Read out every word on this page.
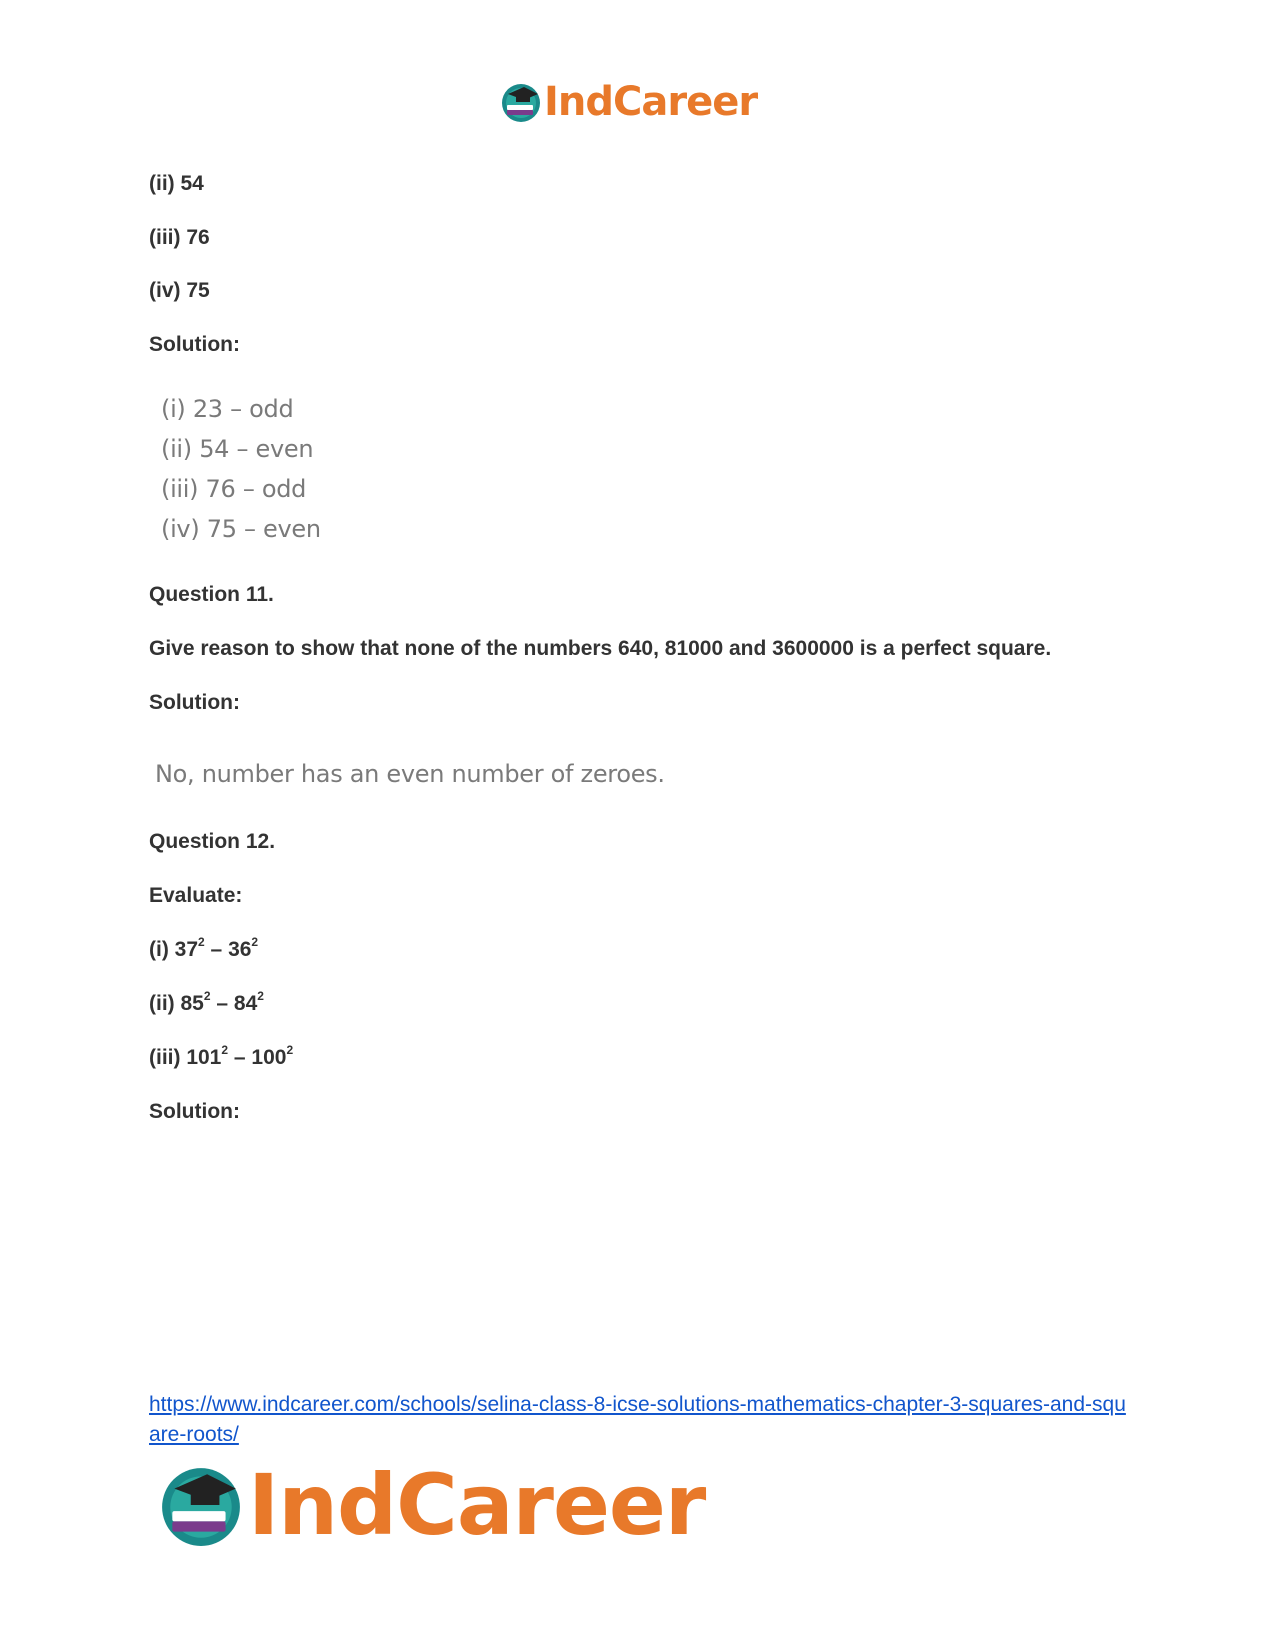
IndCareer
(ii) 54
(iii) 76
(iv) 75
Solution:
(i) 23 – odd
(ii) 54 – even
(iii) 76 – odd
(iv) 75 – even
Question 11.
Give reason to show that none of the numbers 640, 81000 and 3600000 is a perfect square.
Solution:
No, number has an even number of zeroes.
Question 12.
Evaluate:
(i) $37^2 - 36^2$
(ii) $85^2 - 84^2$
(iii) $101^2 - 100^2$
Solution:
https://www.indcareer.com/schools/selina-class-8-icse-solutions-mathematics-chapter-3-squares-and-square-roots/
IndCareer
